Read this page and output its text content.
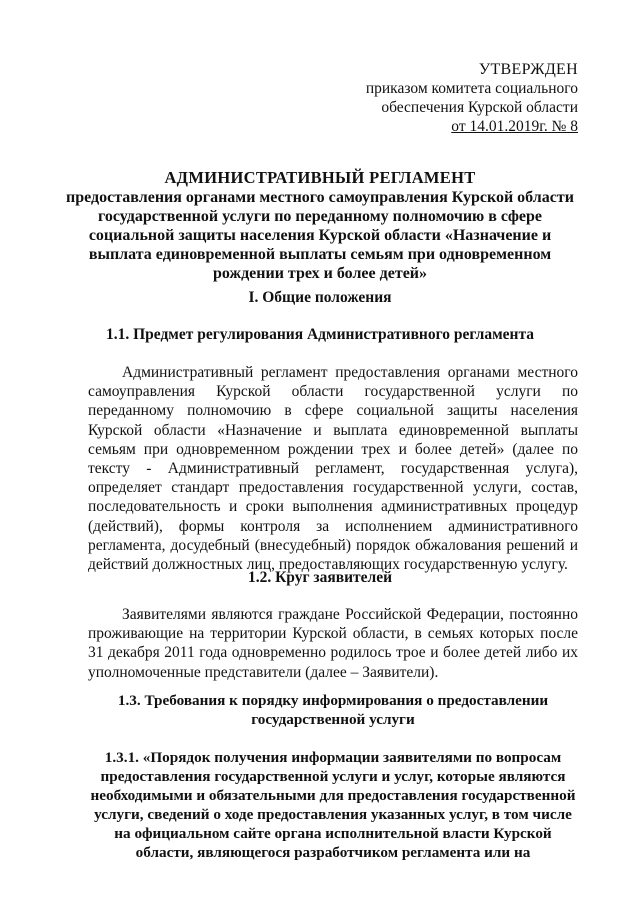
УТВЕРЖДЕН
приказом комитета социального
обеспечения Курской области
от 14.01.2019г. № 8
АДМИНИСТРАТИВНЫЙ РЕГЛАМЕНТ
предоставления органами местного самоуправления Курской области государственной услуги по переданному полномочию в сфере социальной защиты населения Курской области «Назначение и выплата единовременной выплаты семьям при одновременном рождении трех и более детей»
I. Общие положения
1.1. Предмет регулирования Административного регламента
Административный регламент предоставления органами местного самоуправления Курской области государственной услуги по переданному полномочию в сфере социальной защиты населения Курской области «Назначение и выплата единовременной выплаты семьям при одновременном рождении трех и более детей» (далее по тексту - Административный регламент, государственная услуга), определяет стандарт предоставления государственной услуги, состав, последовательность и сроки выполнения административных процедур (действий), формы контроля за исполнением административного регламента, досудебный (внесудебный) порядок обжалования решений и действий должностных лиц, предоставляющих государственную услугу.
1.2. Круг заявителей
Заявителями являются граждане Российской Федерации, постоянно проживающие на территории Курской области, в семьях которых после 31 декабря 2011 года одновременно родилось трое и более детей либо их уполномоченные представители (далее – Заявители).
1.3. Требования к порядку информирования о предоставлении государственной услуги
1.3.1. «Порядок получения информации заявителями по вопросам предоставления государственной услуги и услуг, которые являются необходимыми и обязательными для предоставления государственной услуги, сведений о ходе предоставления указанных услуг, в том числе на официальном сайте органа исполнительной власти Курской области, являющегося разработчиком регламента или на
